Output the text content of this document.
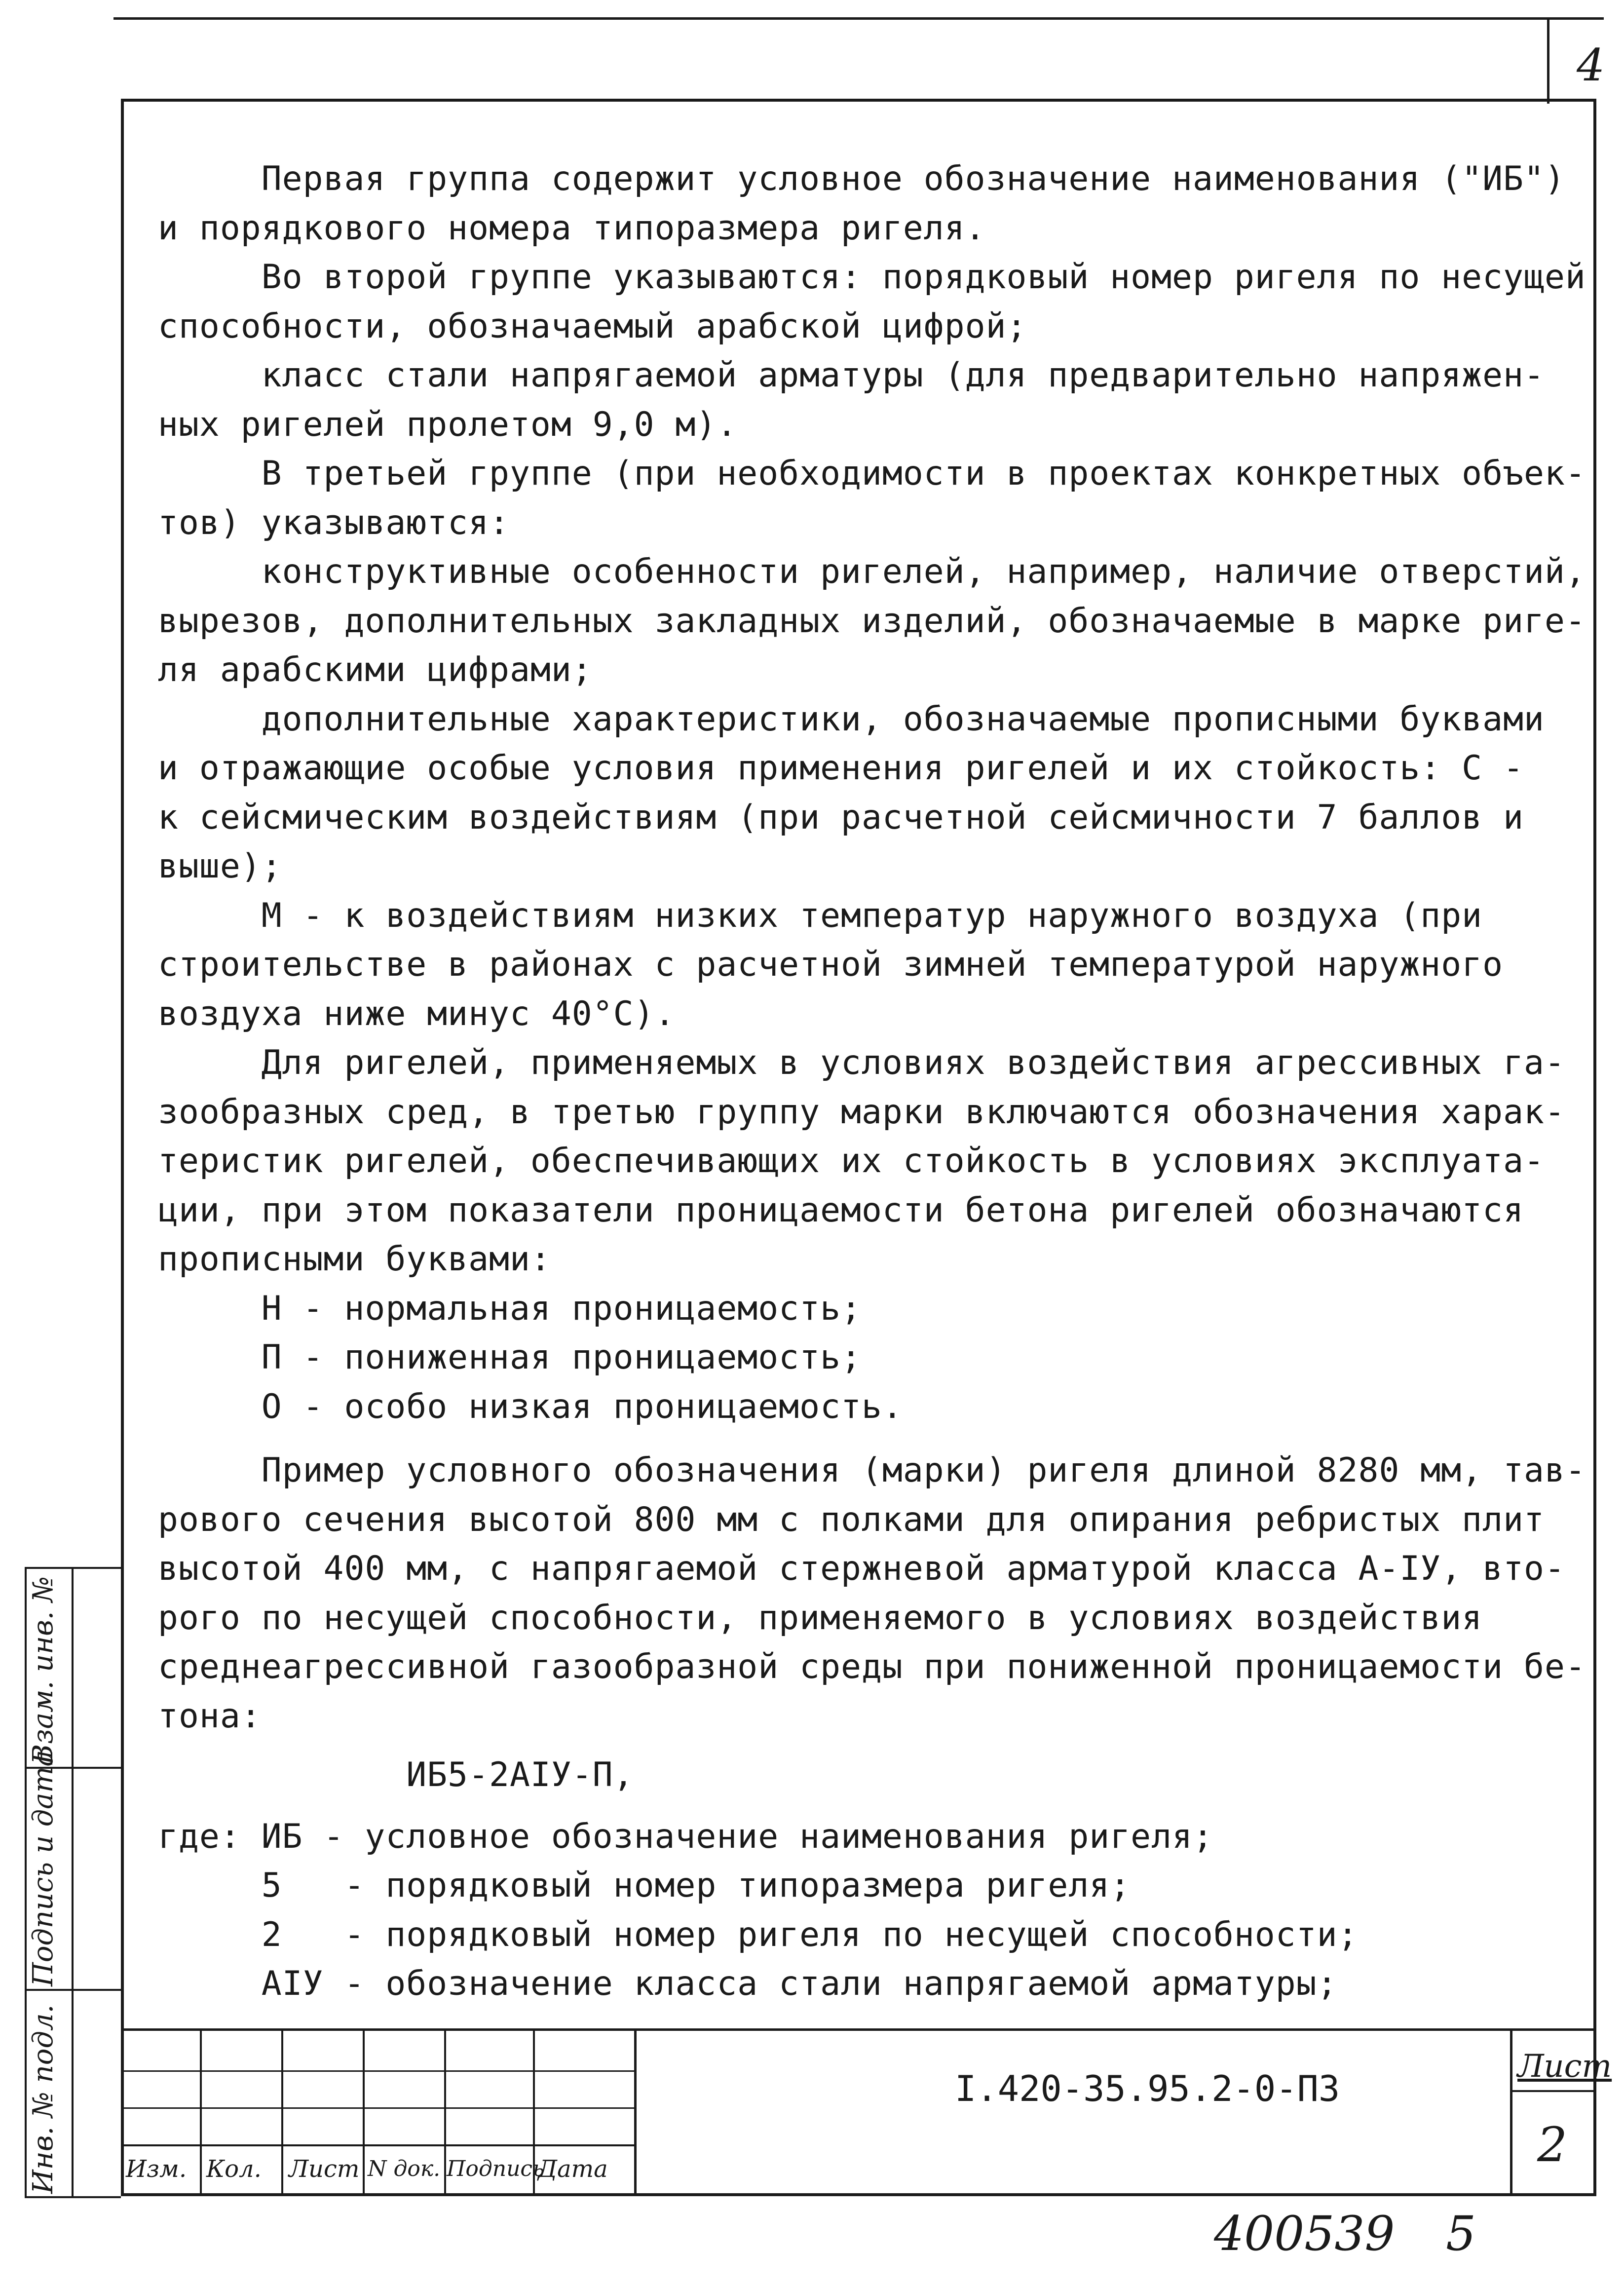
4
Инв. № подл.
Подпись и дата
Взам. инв. №
Первая группа содержит условное обозначение наименования ("ИБ")
и порядкового номера типоразмера ригеля.
Во второй группе указываются: порядковый номер ригеля по несущей
способности, обозначаемый арабской цифрой;
класс стали напрягаемой арматуры (для предварительно напряжен-
ных ригелей пролетом 9,0 м).
В третьей группе (при необходимости в проектах конкретных объек-
тов) указываются:
конструктивные особенности ригелей, например, наличие отверстий,
вырезов, дополнительных закладных изделий, обозначаемые в марке риге-
ля арабскими цифрами;
дополнительные характеристики, обозначаемые прописными буквами
и отражающие особые условия применения ригелей и их стойкость: С -
к сейсмическим воздействиям (при расчетной сейсмичности 7 баллов и
выше);
М - к воздействиям низких температур наружного воздуха (при
строительстве в районах с расчетной зимней температурой наружного
воздуха ниже минус 40°С).
Для ригелей, применяемых в условиях воздействия агрессивных га-
зообразных сред, в третью группу марки включаются обозначения харак-
теристик ригелей, обеспечивающих их стойкость в условиях эксплуата-
ции, при этом показатели проницаемости бетона ригелей обозначаются
прописными буквами:
Н - нормальная проницаемость;
П - пониженная проницаемость;
О - особо низкая проницаемость.
Пример условного обозначения (марки) ригеля длиной 8280 мм, тав-
рового сечения высотой 800 мм с полками для опирания ребристых плит
высотой 400 мм, с напрягаемой стержневой арматурой класса А-IУ, вто-
рого по несущей способности, применяемого в условиях воздействия
среднеагрессивной газообразной среды при пониженной проницаемости бе-
тона:
ИБ5-2АIУ-П,
где: ИБ - условное обозначение наименования ригеля;
5   - порядковый номер типоразмера ригеля;
2   - порядковый номер ригеля по несущей способности;
АIУ - обозначение класса стали напрягаемой арматуры;
Изм. Кол. Лист N док. Подпись
Дата
I.420-35.95.2-0-ПЗ
Лист
2
400539 5
